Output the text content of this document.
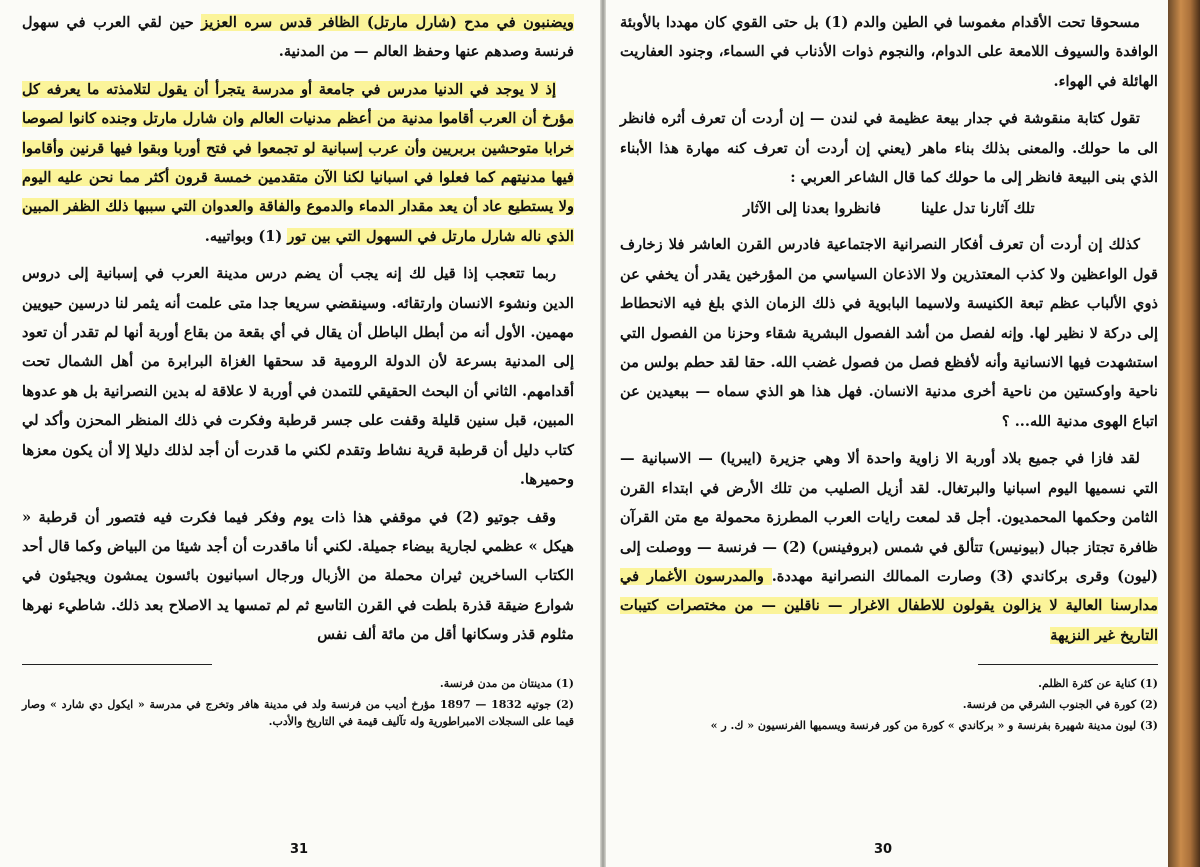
ويضنبون في مدح (شارل مارتل) الظافر قدس سره العزيز حين لقي العرب في سهول فرنسة وصدهم عنها وحفظ العالم — من المدنية.

إذ لا يوجد في الدنيا مدرس في جامعة أو مدرسة يتجرأ أن يقول لتلامذته ما يعرفه كل مؤرخ أن العرب أقاموا مدنية من أعظم مدنيات العالم وان شارل مارتل وجنده كانوا لصوصا خرابا متوحشين بربريين وأن عرب إسبانية لو تجمعوا في فتح أوربا وبقوا فيها قرنين وأقاموا فيها مدنيتهم كما فعلوا في اسبانيا لكنا الآن متقدمين خمسة قرون أكثر مما نحن عليه اليوم ولا يستطيع عاد أن يعد مقدار الدماء والدموع والفاقة والعدوان التي سببها ذلك الظفر المبين الذي ناله شارل مارتل في السهول التي بين تور (1) وبواتييه.

ربما تتعجب إذا قيل لك إنه يجب أن يضم درس مدينة العرب في إسبانية إلى دروس الدين ونشوء الانسان وارتقائه. وسينقضي سريعا جدا متى علمت أنه يثمر لنا درسين حيويين مهمين. الأول أنه من أبطل الباطل أن يقال في أي بقعة من بقاع أوربة أنها لم تقدر أن تعود إلى المدنية بسرعة لأن الدولة الرومية قد سحقها الغزاة البرابرة من أهل الشمال تحت أقدامهم. الثاني أن البحث الحقيقي للتمدن في أوربة لا علاقة له بدين النصرانية بل هو عدوها المبين، قبل سنين قليلة وقفت على جسر قرطبة وفكرت في ذلك المنظر المحزن وأكد لي كتاب دليل أن قرطبة قرية نشاط وتقدم لكني ما قدرت أن أجد لذلك دليلا إلا أن يكون معزها وحميرها.

وقف جوتيو (2) في موقفي هذا ذات يوم وفكر فيما فكرت فيه فتصور أن قرطبة « هيكل » عظمي لجارية بيضاء جميلة. لكني أنا ماقدرت أن أجد شيئا من البياض وكما قال أحد الكتاب الساخرين ثيران محملة من الأزبال ورجال اسبانيون بائسون يمشون ويجيئون في شوارع ضيقة قذرة بلطت في القرن التاسع ثم لم تمسها يد الاصلاح بعد ذلك. شاطيء نهرها مثلوم قذر وسكانها أقل من مائة ألف نفس

(1) مدينتان من مدن فرنسة.

(2) جوتيه 1832 — 1897 مؤرخ أديب من فرنسة ولد في مدينة هافر وتخرج في مدرسة « ايكول دي شارد » وصار قيما على السجلات الامبراطورية وله تآليف قيمة في التاريخ والأدب.

31

مسحوقا تحت الأقدام مغموسا في الطين والدم (1) بل حتى القوي كان مهددا بالأوبئة الوافدة والسيوف اللامعة على الدوام، والنجوم ذوات الأذناب في السماء، وجنود العفاريت الهائلة في الهواء.

تقول كتابة منقوشة في جدار بيعة عظيمة في لندن — إن أردت أن تعرف أثره فانظر الى ما حولك. والمعنى بذلك بناء ماهر (يعني إن أردت أن تعرف كنه مهارة هذا الأبناء الذي بنى البيعة فانظر إلى ما حولك كما قال الشاعر العربي :

تلك آثارنا تدل علينا
فانظروا بعدنا إلى الآثار

كذلك إن أردت أن تعرف أفكار النصرانية الاجتماعية فادرس القرن العاشر فلا زخارف قول الواعظين ولا كذب المعتذرين ولا الاذعان السياسي من المؤرخين يقدر أن يخفي عن ذوي الألباب عظم تبعة الكنيسة ولاسيما البابوية في ذلك الزمان الذي بلغ فيه الانحطاط إلى دركة لا نظير لها. وإنه لفصل من أشد الفصول البشرية شقاء وحزنا من الفصول التي استشهدت فيها الانسانية وأنه لأفظع فصل من فصول غضب الله. حقا لقد حطم بولس من ناحية واوكستين من ناحية أخرى مدنية الانسان. فهل هذا هو الذي سماه — ببعيدين عن اتباع الهوى مدنية الله... ؟

لقد فازا في جميع بلاد أوربة الا زاوية واحدة ألا وهي جزيرة (ايبريا) — الاسبانية — التي نسميها اليوم اسبانيا والبرتغال. لقد أزيل الصليب من تلك الأرض في ابتداء القرن الثامن وحكمها المحمديون. أجل قد لمعت رايات العرب المطرزة محمولة مع متن القرآن ظافرة تجتاز جبال (بيونيس) تتألق في شمس (بروفينس) (2) — فرنسة — ووصلت إلى (ليون) وقرى بركاندي (3) وصارت الممالك النصرانية مهددة. والمدرسون الأغمار في مدارسنا العالية لا يزالون يقولون للاطفال الاغرار — ناقلين — من مختصرات كتيبات التاريخ غير النزيهة

(1) كناية عن كثرة الظلم.

(2) كورة في الجنوب الشرقي من فرنسة.

(3) ليون مدينة شهيرة بفرنسة و « بركاندي » كورة من كور فرنسة ويسميها الفرنسيون « ك. ر »

30
